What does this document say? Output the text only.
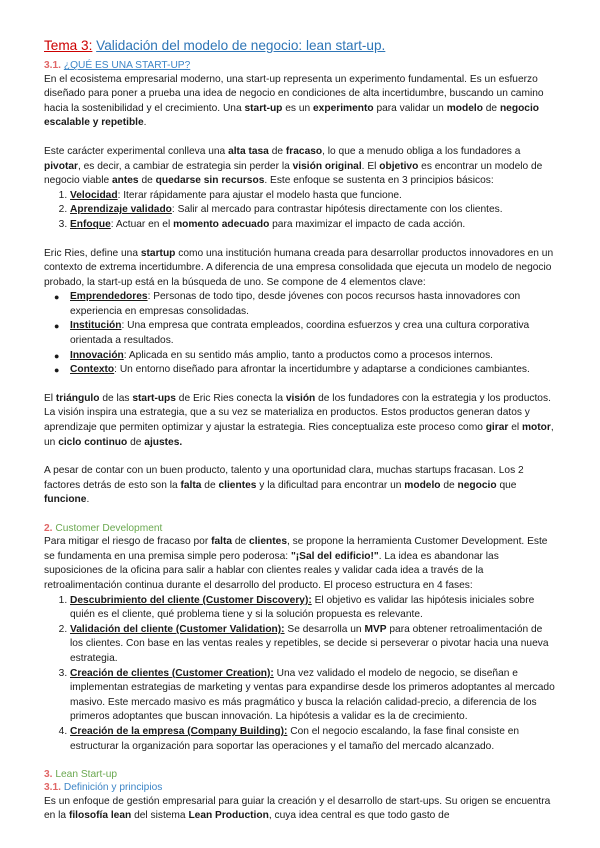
Tema 3: Validación del modelo de negocio: lean start-up.
3.1. ¿QUÉ ES UNA START-UP?

En el ecosistema empresarial moderno, una start-up representa un experimento fundamental. Es un esfuerzo diseñado para poner a prueba una idea de negocio en condiciones de alta incertidumbre, buscando un camino hacia la sostenibilidad y el crecimiento. Una start-up es un experimento para validar un modelo de negocio escalable y repetible.

Este carácter experimental conlleva una alta tasa de fracaso, lo que a menudo obliga a los fundadores a pivotar, es decir, a cambiar de estrategia sin perder la visión original. El objetivo es encontrar un modelo de negocio viable antes de quedarse sin recursos. Este enfoque se sustenta en 3 principios básicos:

1. Velocidad: Iterar rápidamente para ajustar el modelo hasta que funcione.
2. Aprendizaje validado: Salir al mercado para contrastar hipótesis directamente con los clientes.
3. Enfoque: Actuar en el momento adecuado para maximizar el impacto de cada acción.

Eric Ries, define una startup como una institución humana creada para desarrollar productos innovadores en un contexto de extrema incertidumbre. A diferencia de una empresa consolidada que ejecuta un modelo de negocio probado, la start-up está en la búsqueda de uno. Se compone de 4 elementos clave:

● Emprendedores: Personas de todo tipo, desde jóvenes con pocos recursos hasta innovadores con experiencia en empresas consolidadas.
● Institución: Una empresa que contrata empleados, coordina esfuerzos y crea una cultura corporativa orientada a resultados.
● Innovación: Aplicada en su sentido más amplio, tanto a productos como a procesos internos.
● Contexto: Un entorno diseñado para afrontar la incertidumbre y adaptarse a condiciones cambiantes.

El triángulo de las start-ups de Eric Ries conecta la visión de los fundadores con la estrategia y los productos. La visión inspira una estrategia, que a su vez se materializa en productos. Estos productos generan datos y aprendizaje que permiten optimizar y ajustar la estrategia. Ries conceptualiza este proceso como girar el motor, un ciclo continuo de ajustes.

A pesar de contar con un buen producto, talento y una oportunidad clara, muchas startups fracasan. Los 2 factores detrás de esto son la falta de clientes y la dificultad para encontrar un modelo de negocio que funcione.

2. Customer Development

Para mitigar el riesgo de fracaso por falta de clientes, se propone la herramienta Customer Development. Este se fundamenta en una premisa simple pero poderosa: "¡Sal del edificio!". La idea es abandonar las suposiciones de la oficina para salir a hablar con clientes reales y validar cada idea a través de la retroalimentación continua durante el desarrollo del producto. El proceso estructura en 4 fases:

1. Descubrimiento del cliente (Customer Discovery): El objetivo es validar las hipótesis iniciales sobre quién es el cliente, qué problema tiene y si la solución propuesta es relevante.
2. Validación del cliente (Customer Validation): Se desarrolla un MVP para obtener retroalimentación de los clientes. Con base en las ventas reales y repetibles, se decide si perseverar o pivotar hacia una nueva estrategia.
3. Creación de clientes (Customer Creation): Una vez validado el modelo de negocio, se diseñan e implementan estrategias de marketing y ventas para expandirse desde los primeros adoptantes al mercado masivo. Este mercado masivo es más pragmático y busca la relación calidad-precio, a diferencia de los primeros adoptantes que buscan innovación. La hipótesis a validar es la de crecimiento.
4. Creación de la empresa (Company Building): Con el negocio escalando, la fase final consiste en estructurar la organización para soportar las operaciones y el tamaño del mercado alcanzado.
3. Lean Start-up
3.1. Definición y principios

Es un enfoque de gestión empresarial para guiar la creación y el desarrollo de start-ups. Su origen se encuentra en la filosofía lean del sistema Lean Production, cuya idea central es que todo gasto de
